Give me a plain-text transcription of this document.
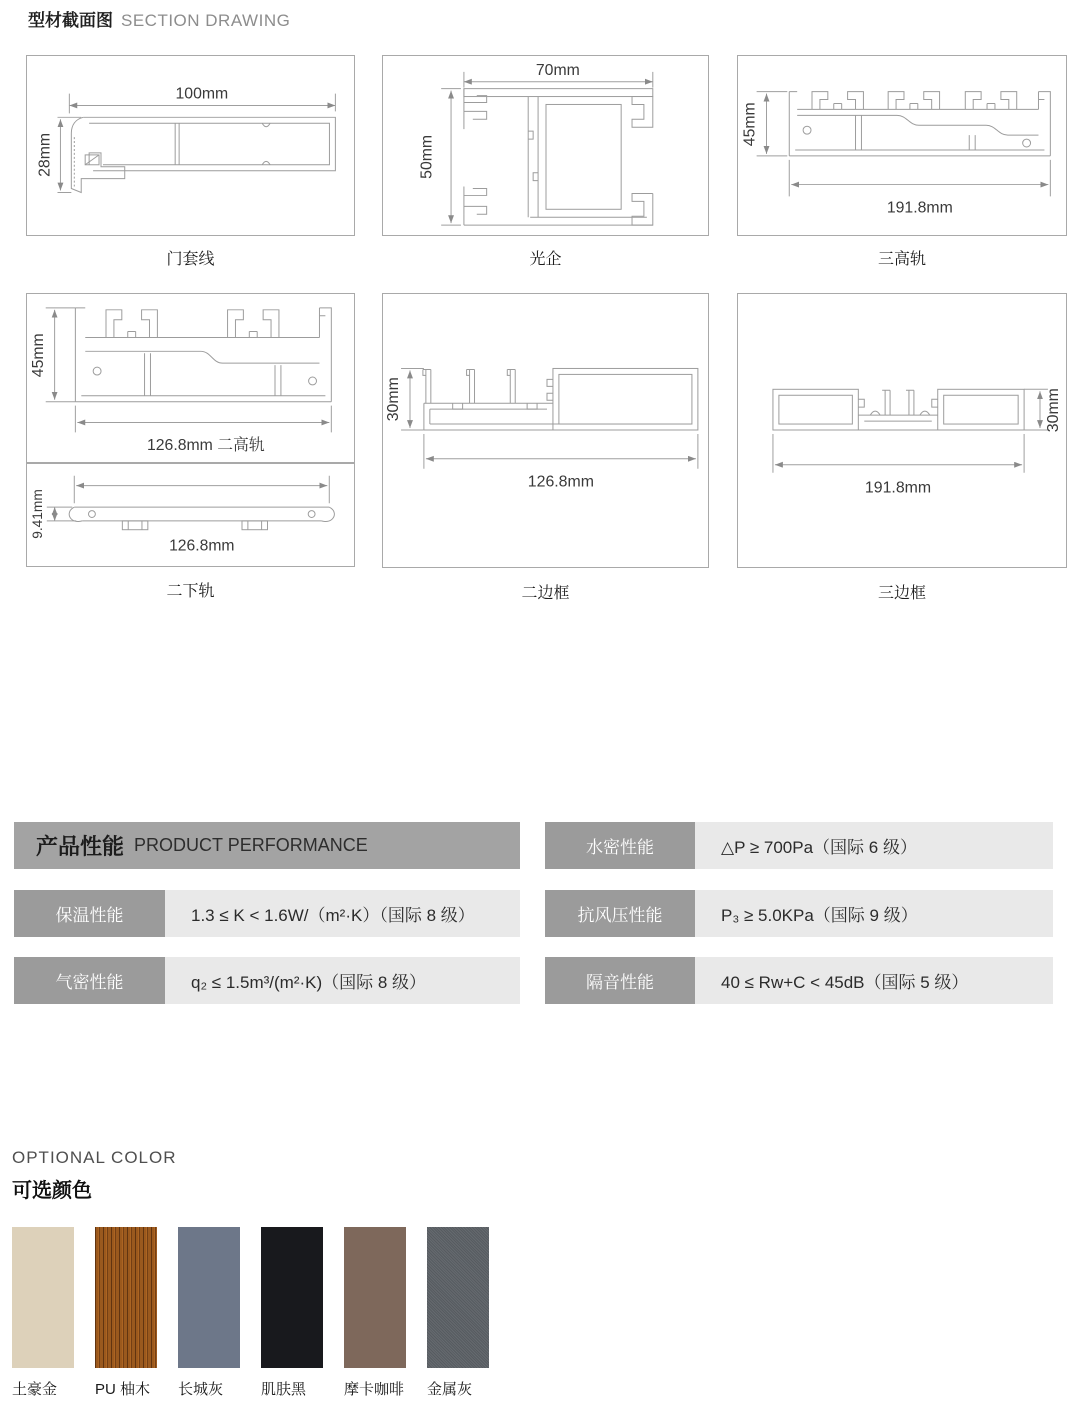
型材截面图 SECTION DRAWING
100mm
28mm
门套线
70mm
50mm
光企
45mm
191.8mm
三高轨
45mm
126.8mm 二高轨
9.41mm
126.8mm
二下轨
30mm
126.8mm
二边框
30mm
191.8mm
三边框
产品性能 PRODUCT PERFORMANCE	水密性能	△P ≥ 700Pa（国际 6 级）
保温性能	1.3 ≤ K < 1.6W/（m²·K）（国际 8 级）	抗风压性能	P₃ ≥ 5.0KPa（国际 9 级）
气密性能	q₂ ≤ 1.5m³/(m²·K)（国际 8 级）	隔音性能	40 ≤ Rw+C < 45dB（国际 5 级）
OPTIONAL COLOR
可选颜色
土豪金	PU 柚木	长城灰	肌肤黑	摩卡咖啡 金属灰
